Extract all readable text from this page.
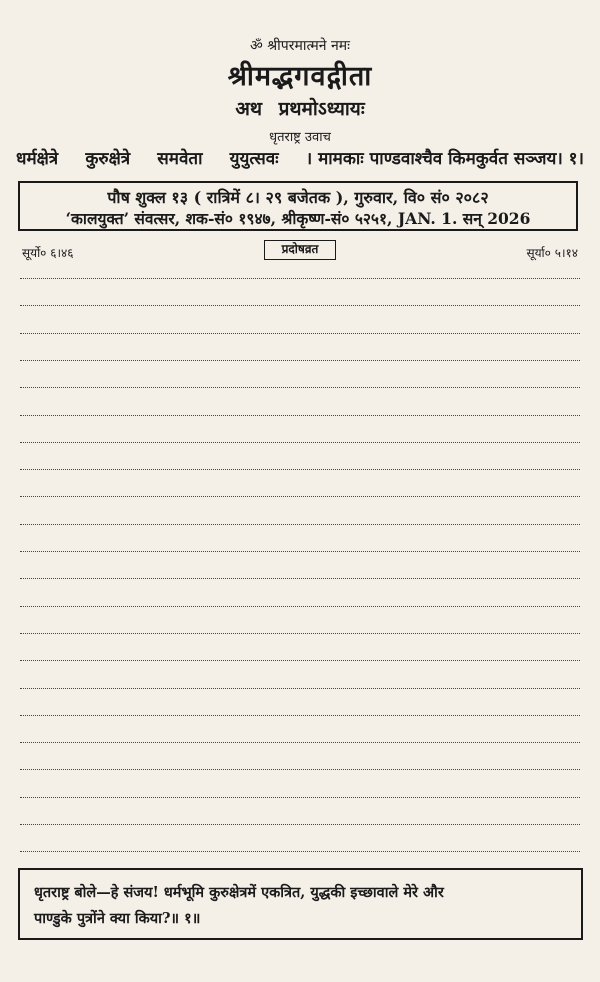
ॐ श्रीपरमात्मने नमः
श्रीमद्भगवद्गीता
अथ प्रथमोऽध्यायः
धृतराष्ट्र उवाच
धर्मक्षेत्रे कुरुक्षेत्रे समवेता युयुत्सवः । मामकाः पाण्डवाश्चैव किमकुर्वत सञ्जय। १।
पौष शुक्ल १३ ( रात्रिमें ८। २९ बजेतक ), गुरुवार, वि० सं० २०८२
‘कालयुक्त’ संवत्सर, शक-सं० १९४७, श्रीकृष्ण-सं० ५२५१, JAN. 1. सन् 2026
सूर्यो० ६।४६	प्रदोषव्रत	सूर्या० ५।१४
धृतराष्ट्र बोले—हे संजय! धर्मभूमि कुरुक्षेत्रमें एकत्रित, युद्धकी इच्छावाले मेरे और
पाण्डुके पुत्रोंने क्या किया?॥ १॥
